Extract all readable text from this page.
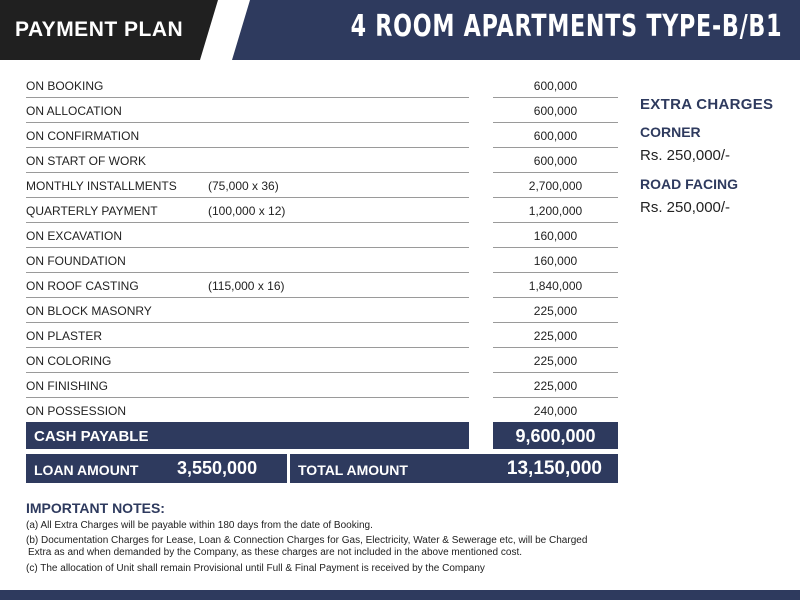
PAYMENT PLAN	4 ROOM APARTMENTS TYPE-B/B1
ON BOOKING	600,000
ON ALLOCATION	600,000
ON CONFIRMATION	600,000
ON START OF WORK	600,000
MONTHLY INSTALLMENTS	(75,000 x 36)	2,700,000
QUARTERLY PAYMENT	(100,000 x 12)	1,200,000
ON EXCAVATION	160,000
ON FOUNDATION	160,000
ON ROOF CASTING	(115,000 x 16)	1,840,000
ON BLOCK MASONRY	225,000
ON PLASTER	225,000
ON COLORING	225,000
ON FINISHING	225,000
ON POSSESSION	240,000
CASH PAYABLE	9,600,000
LOAN AMOUNT 3,550,000	TOTAL AMOUNT	13,150,000
EXTRA CHARGES
CORNER
Rs. 250,000/-
ROAD FACING
Rs. 250,000/-
IMPORTANT NOTES:
(a) All Extra Charges will be payable within 180 days from the date of Booking.
(b) Documentation Charges for Lease, Loan & Connection Charges for Gas, Electricity, Water & Sewerage etc, will be Charged
Extra as and when demanded by the Company, as these charges are not included in the above mentioned cost.
(c) The allocation of Unit shall remain Provisional until Full & Final Payment is received by the Company
